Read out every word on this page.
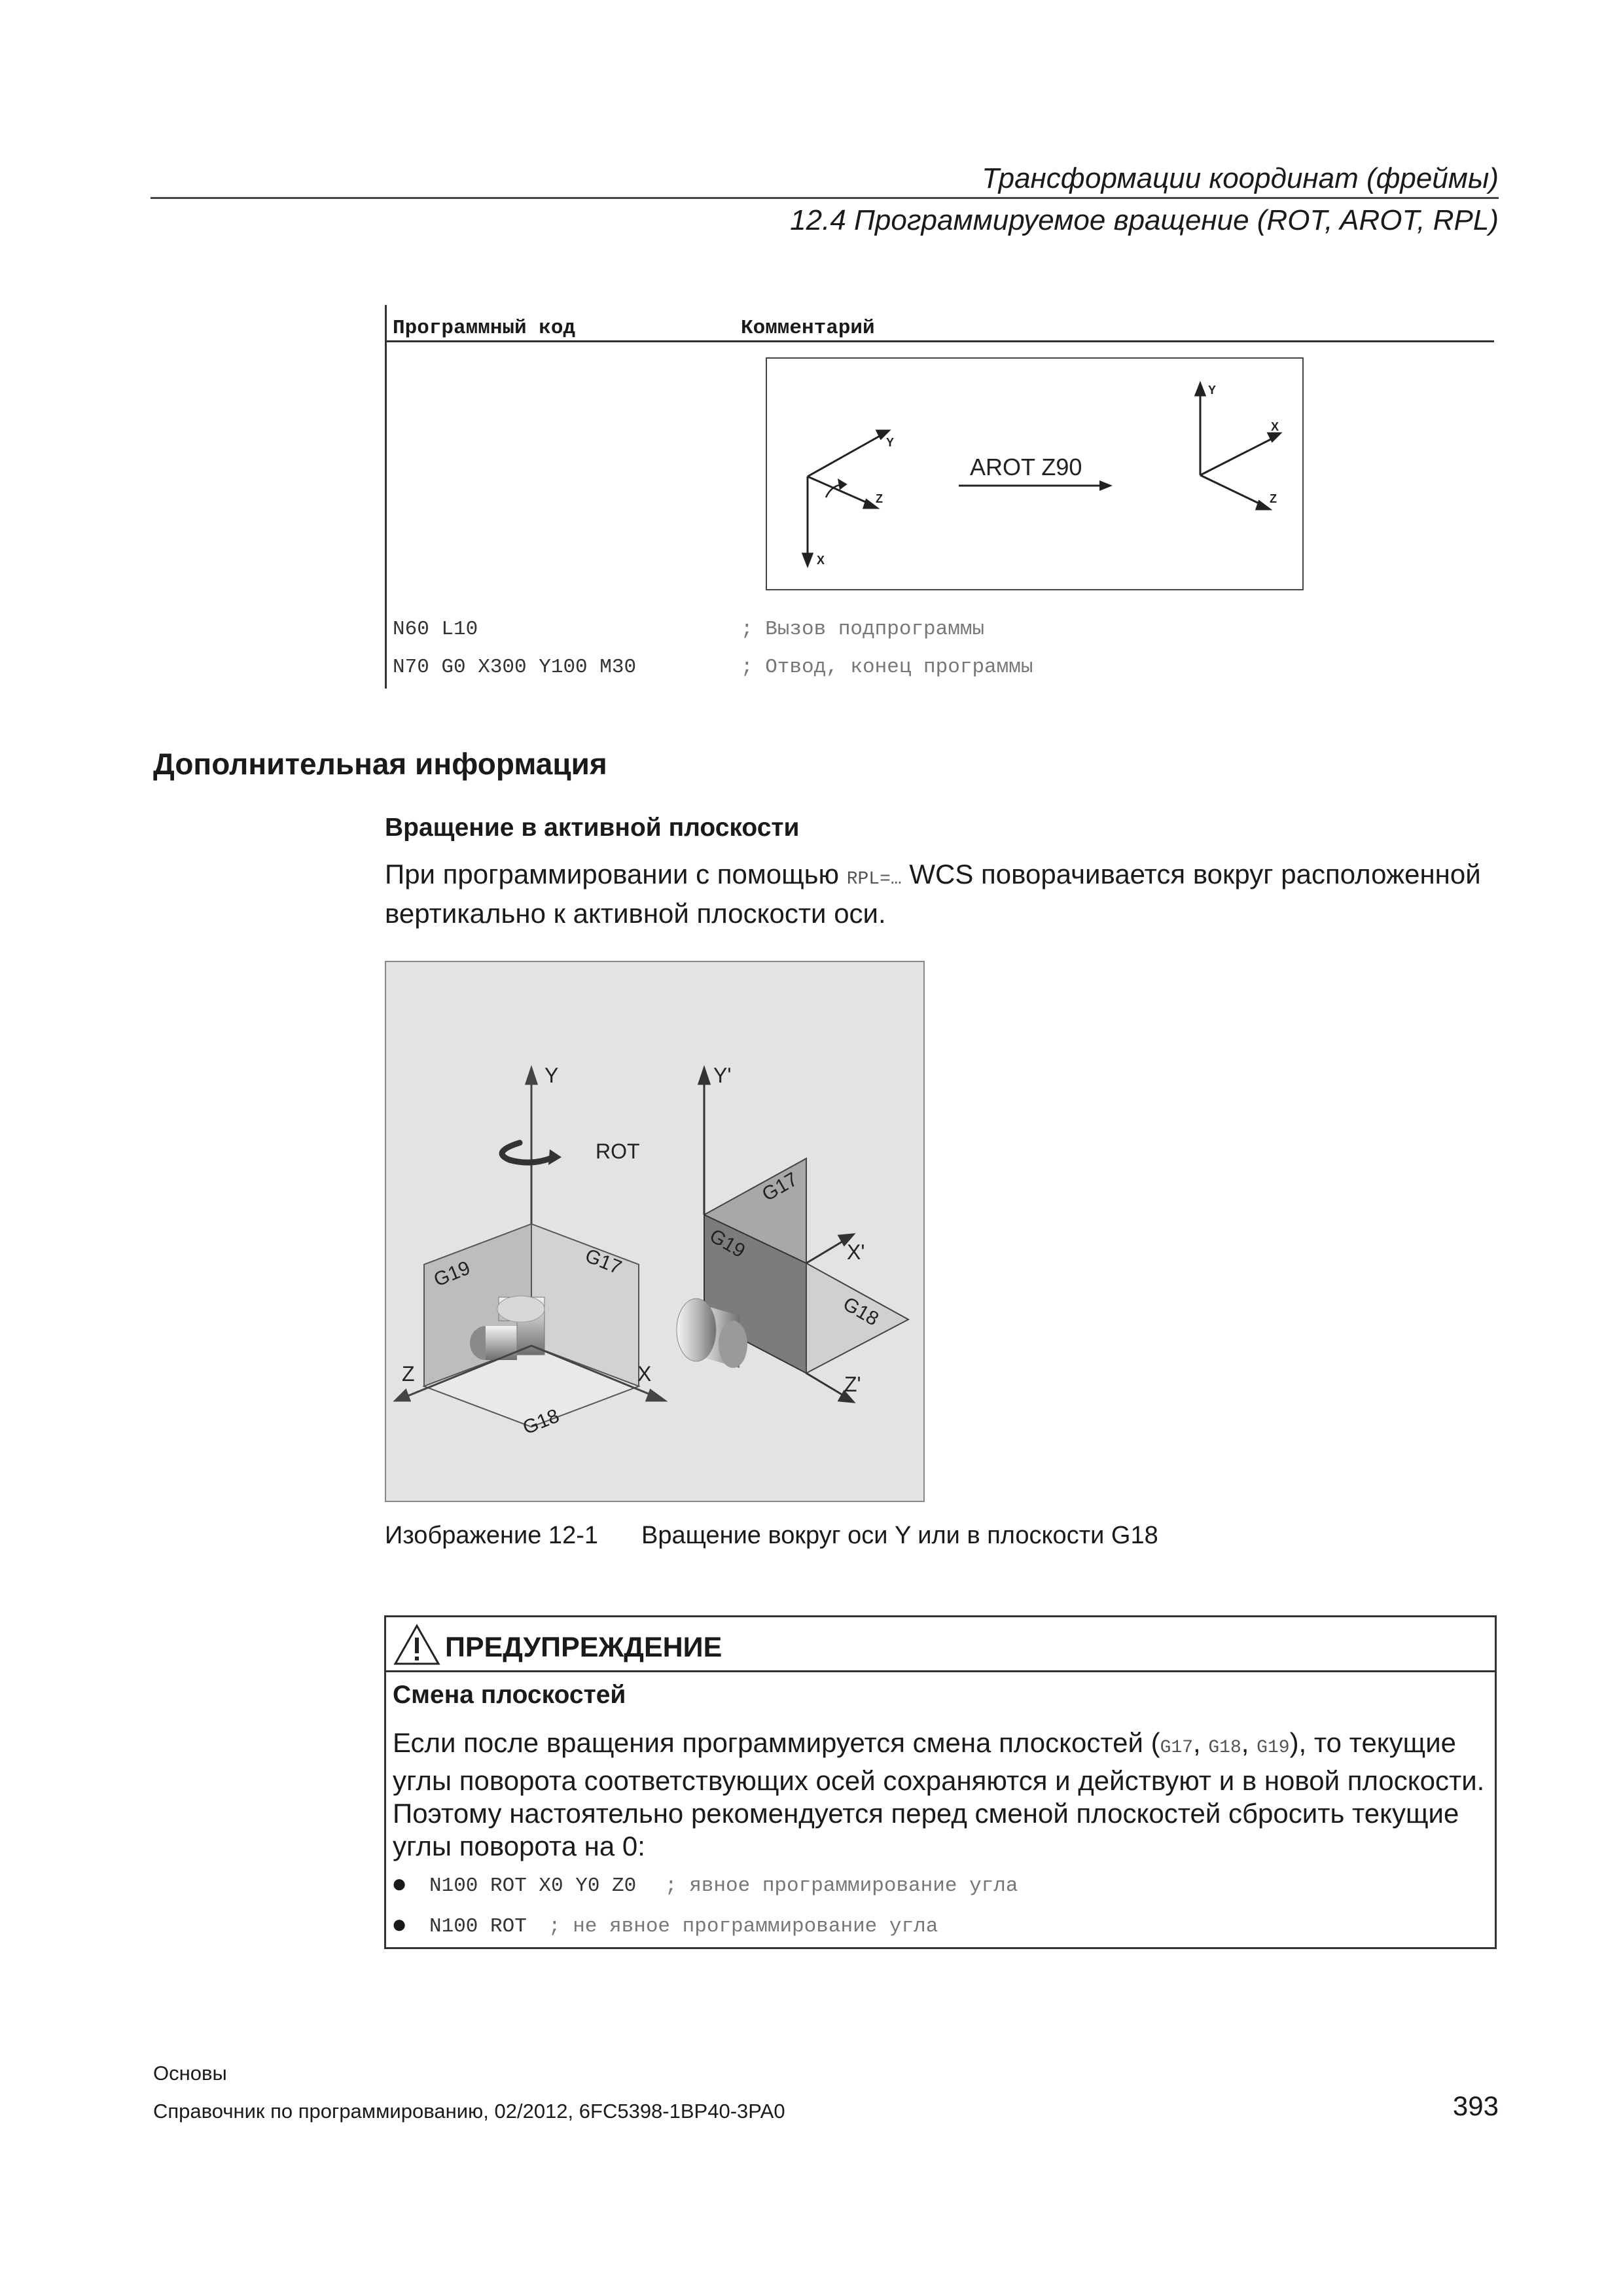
Трансформации координат (фреймы)
12.4 Программируемое вращение (ROT, AROT, RPL)
Программный код	Комментарий
Y
Z
X
AROT Z90
Y
X
Z
N60 L10	; Вызов подпрограммы
N70 G0 X300 Y100 M30	; Отвод, конец программы
Дополнительная информация
Вращение в активной плоскости
При программировании с помощью RPL=… WCS поворачивается вокруг расположенной вертикально к активной плоскости оси.
Y
ROT
Z	X
G19	G17
G18
Y'
X'
Z'
G17
G19
G18
Изображение 12-1 Вращение вокруг оси Y или в плоскости G18
ПРЕДУПРЕЖДЕНИЕ
Смена плоскостей
Если после вращения программируется смена плоскостей (G17, G18, G19), то текущие углы поворота соответствующих осей сохраняются и действуют и в новой плоскости. Поэтому настоятельно рекомендуется перед сменой плоскостей сбросить текущие углы поворота на 0:
● N100 ROT X0 Y0 Z0 ; явное программирование угла
● N100 ROT ; не явное программирование угла
Основы
Справочник по программированию, 02/2012, 6FC5398-1BP40-3PA0	393
